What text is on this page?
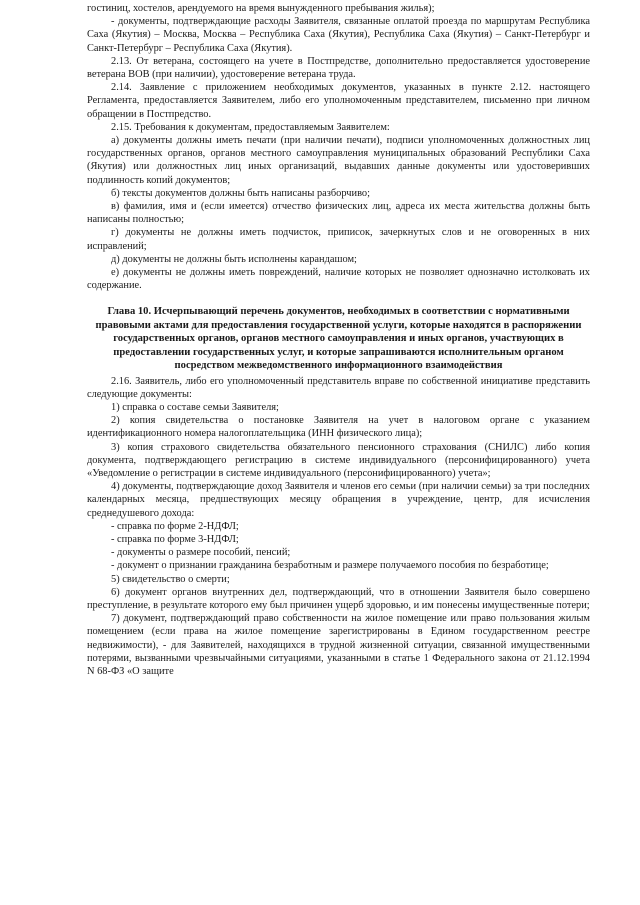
гостиниц, хостелов, арендуемого на время вынужденного пребывания жилья);

- документы, подтверждающие расходы Заявителя, связанные оплатой проезда по маршрутам Республика Саха (Якутия) – Москва, Москва – Республика Саха (Якутия), Республика Саха (Якутия) – Санкт-Петербург и Санкт-Петербург – Республика Саха (Якутия).

2.13. От ветерана, состоящего на учете в Постпредстве, дополнительно предоставляется удостоверение ветерана ВОВ (при наличии), удостоверение ветерана труда.

2.14. Заявление с приложением необходимых документов, указанных в пункте 2.12. настоящего Регламента, предоставляется Заявителем, либо его уполномоченным представителем, письменно при личном обращении в Постпредство.

2.15. Требования к документам, предоставляемым Заявителем:

а) документы должны иметь печати (при наличии печати), подписи уполномоченных должностных лиц государственных органов, органов местного самоуправления муниципальных образований Республики Саха (Якутия) или должностных лиц иных организаций, выдавших данные документы или удостоверивших подлинность копий документов;

б) тексты документов должны быть написаны разборчиво;

в) фамилия, имя и (если имеется) отчество физических лиц, адреса их места жительства должны быть написаны полностью;

г) документы не должны иметь подчисток, приписок, зачеркнутых слов и не оговоренных в них исправлений;

д) документы не должны быть исполнены карандашом;

е) документы не должны иметь повреждений, наличие которых не позволяет однозначно истолковать их содержание.

Глава 10. Исчерпывающий перечень документов, необходимых в соответствии с нормативными правовыми актами для предоставления государственной услуги, которые находятся в распоряжении государственных органов, органов местного самоуправления и иных органов, участвующих в предоставлении государственных услуг, и которые запрашиваются исполнительным органом посредством межведомственного информационного взаимодействия

2.16. Заявитель, либо его уполномоченный представитель вправе по собственной инициативе представить следующие документы:

1) справка о составе семьи Заявителя;

2) копия свидетельства о постановке Заявителя на учет в налоговом органе с указанием идентификационного номера налогоплательщика (ИНН физического лица);

3) копия страхового свидетельства обязательного пенсионного страхования (СНИЛС) либо копия документа, подтверждающего регистрацию в системе индивидуального (персонифицированного) учета «Уведомление о регистрации в системе индивидуального (персонифицированного) учета»;

4) документы, подтверждающие доход Заявителя и членов его семьи (при наличии семьи) за три последних календарных месяца, предшествующих месяцу обращения в учреждение, центр, для исчисления среднедушевого дохода:

- справка по форме 2-НДФЛ;

- справка по форме 3-НДФЛ;

- документы о размере пособий, пенсий;

- документ о признании гражданина безработным и размере получаемого пособия по безработице;

5) свидетельство о смерти;

6) документ органов внутренних дел, подтверждающий, что в отношении Заявителя было совершено преступление, в результате которого ему был причинен ущерб здоровью, и им понесены имущественные потери;

7) документ, подтверждающий право собственности на жилое помещение или право пользования жилым помещением (если права на жилое помещение зарегистрированы в Едином государственном реестре недвижимости), - для Заявителей, находящихся в трудной жизненной ситуации, связанной имущественными потерями, вызванными чрезвычайными ситуациями, указанными в статье 1 Федерального закона от 21.12.1994 N 68-ФЗ «О защите
